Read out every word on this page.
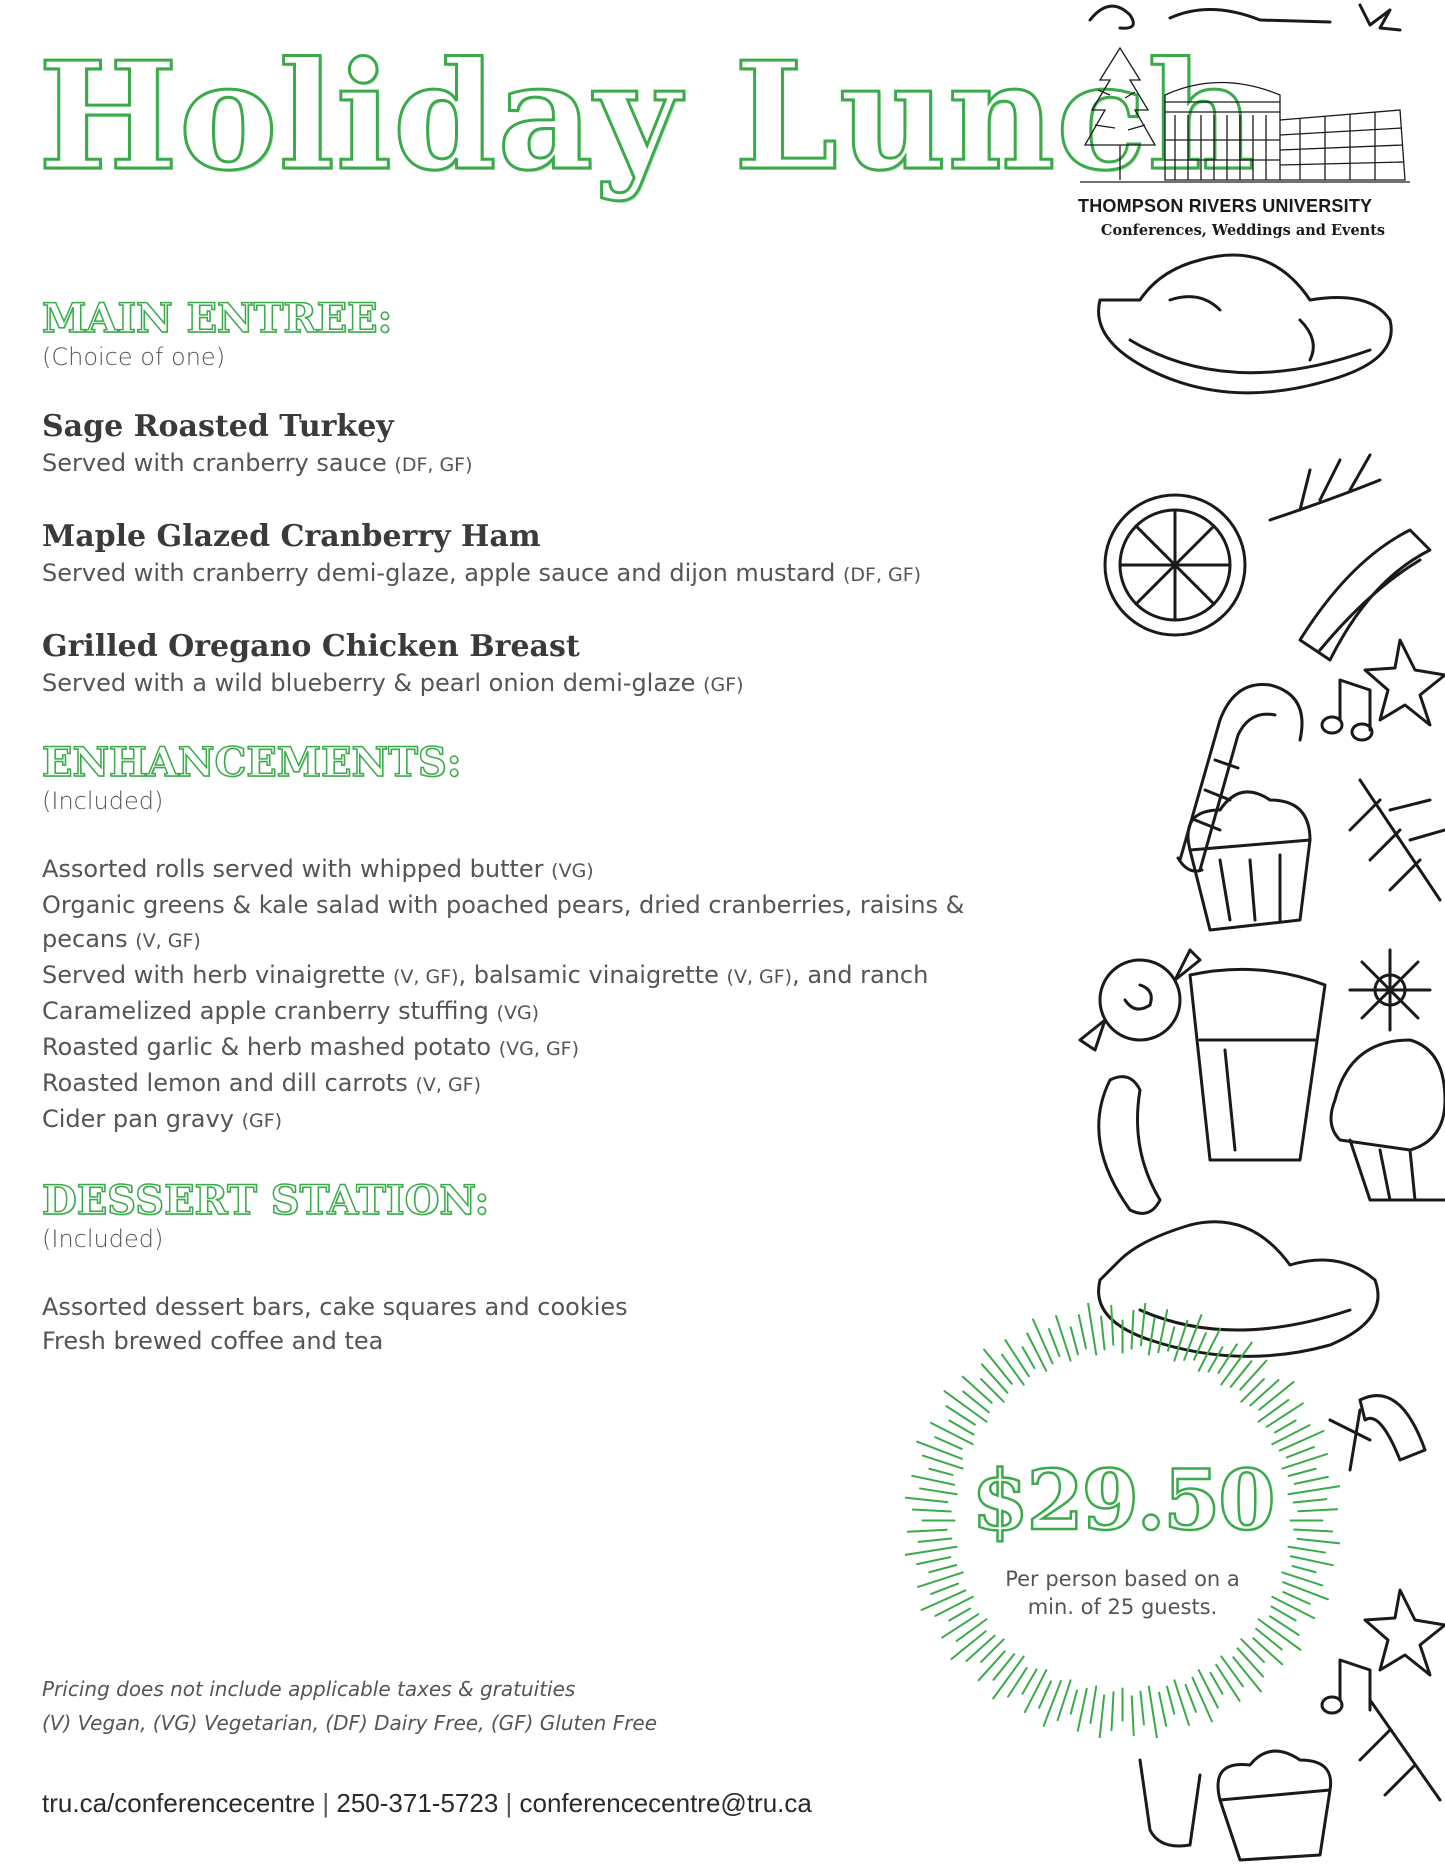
Holiday Lunch
THOMPSON RIVERS UNIVERSITY
Conferences, Weddings and Events
MAIN ENTREE:

(Choice of one)

Sage Roasted Turkey

Served with cranberry sauce (DF, GF)

Maple Glazed Cranberry Ham

Served with cranberry demi-glaze, apple sauce and dijon mustard (DF, GF)

Grilled Oregano Chicken Breast

Served with a wild blueberry & pearl onion demi-glaze (GF)

ENHANCEMENTS:

(Included)

Assorted rolls served with whipped butter (VG)

Organic greens & kale salad with poached pears, dried cranberries, raisins & pecans (V, GF)

Served with herb vinaigrette (V, GF), balsamic vinaigrette (V, GF), and ranch

Caramelized apple cranberry stuffing (VG)

Roasted garlic & herb mashed potato (VG, GF)

Roasted lemon and dill carrots (V, GF)

Cider pan gravy (GF)

DESSERT STATION:

(Included)

Assorted dessert bars, cake squares and cookies

Fresh brewed coffee and tea

$29.50
Per person based on a
min. of 25 guests.
Pricing does not include applicable taxes & gratuities
(V) Vegan, (VG) Vegetarian, (DF) Dairy Free, (GF) Gluten Free
tru.ca/conferencecentre | 250-371-5723 | conferencecentre@tru.ca
